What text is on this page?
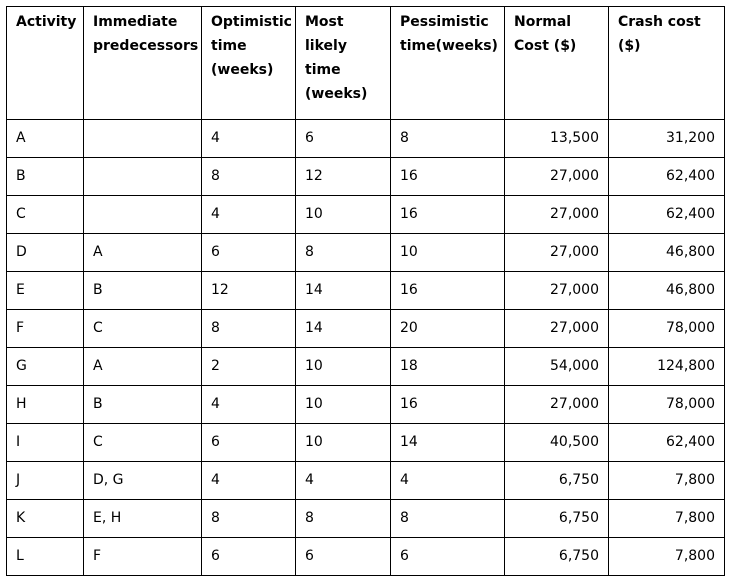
Activity	Immediate
predecessors	Optimistic
time
(weeks)	Most
likely
time
(weeks)	Pessimistic
time(weeks)	Normal
Cost ($)	Crash cost
($)

A		4	6	8	13,500	31,200
B		8	12	16	27,000	62,400
C		4	10	16	27,000	62,400
D	A	6	8	10	27,000	46,800
E	B	12	14	16	27,000	46,800
F	C	8	14	20	27,000	78,000
G	A	2	10	18	54,000	124,800
H	B	4	10	16	27,000	78,000
I	C	6	10	14	40,500	62,400
J	D, G	4	4	4	6,750	7,800
K	E, H	8	8	8	6,750	7,800
L	F	6	6	6	6,750	7,800
